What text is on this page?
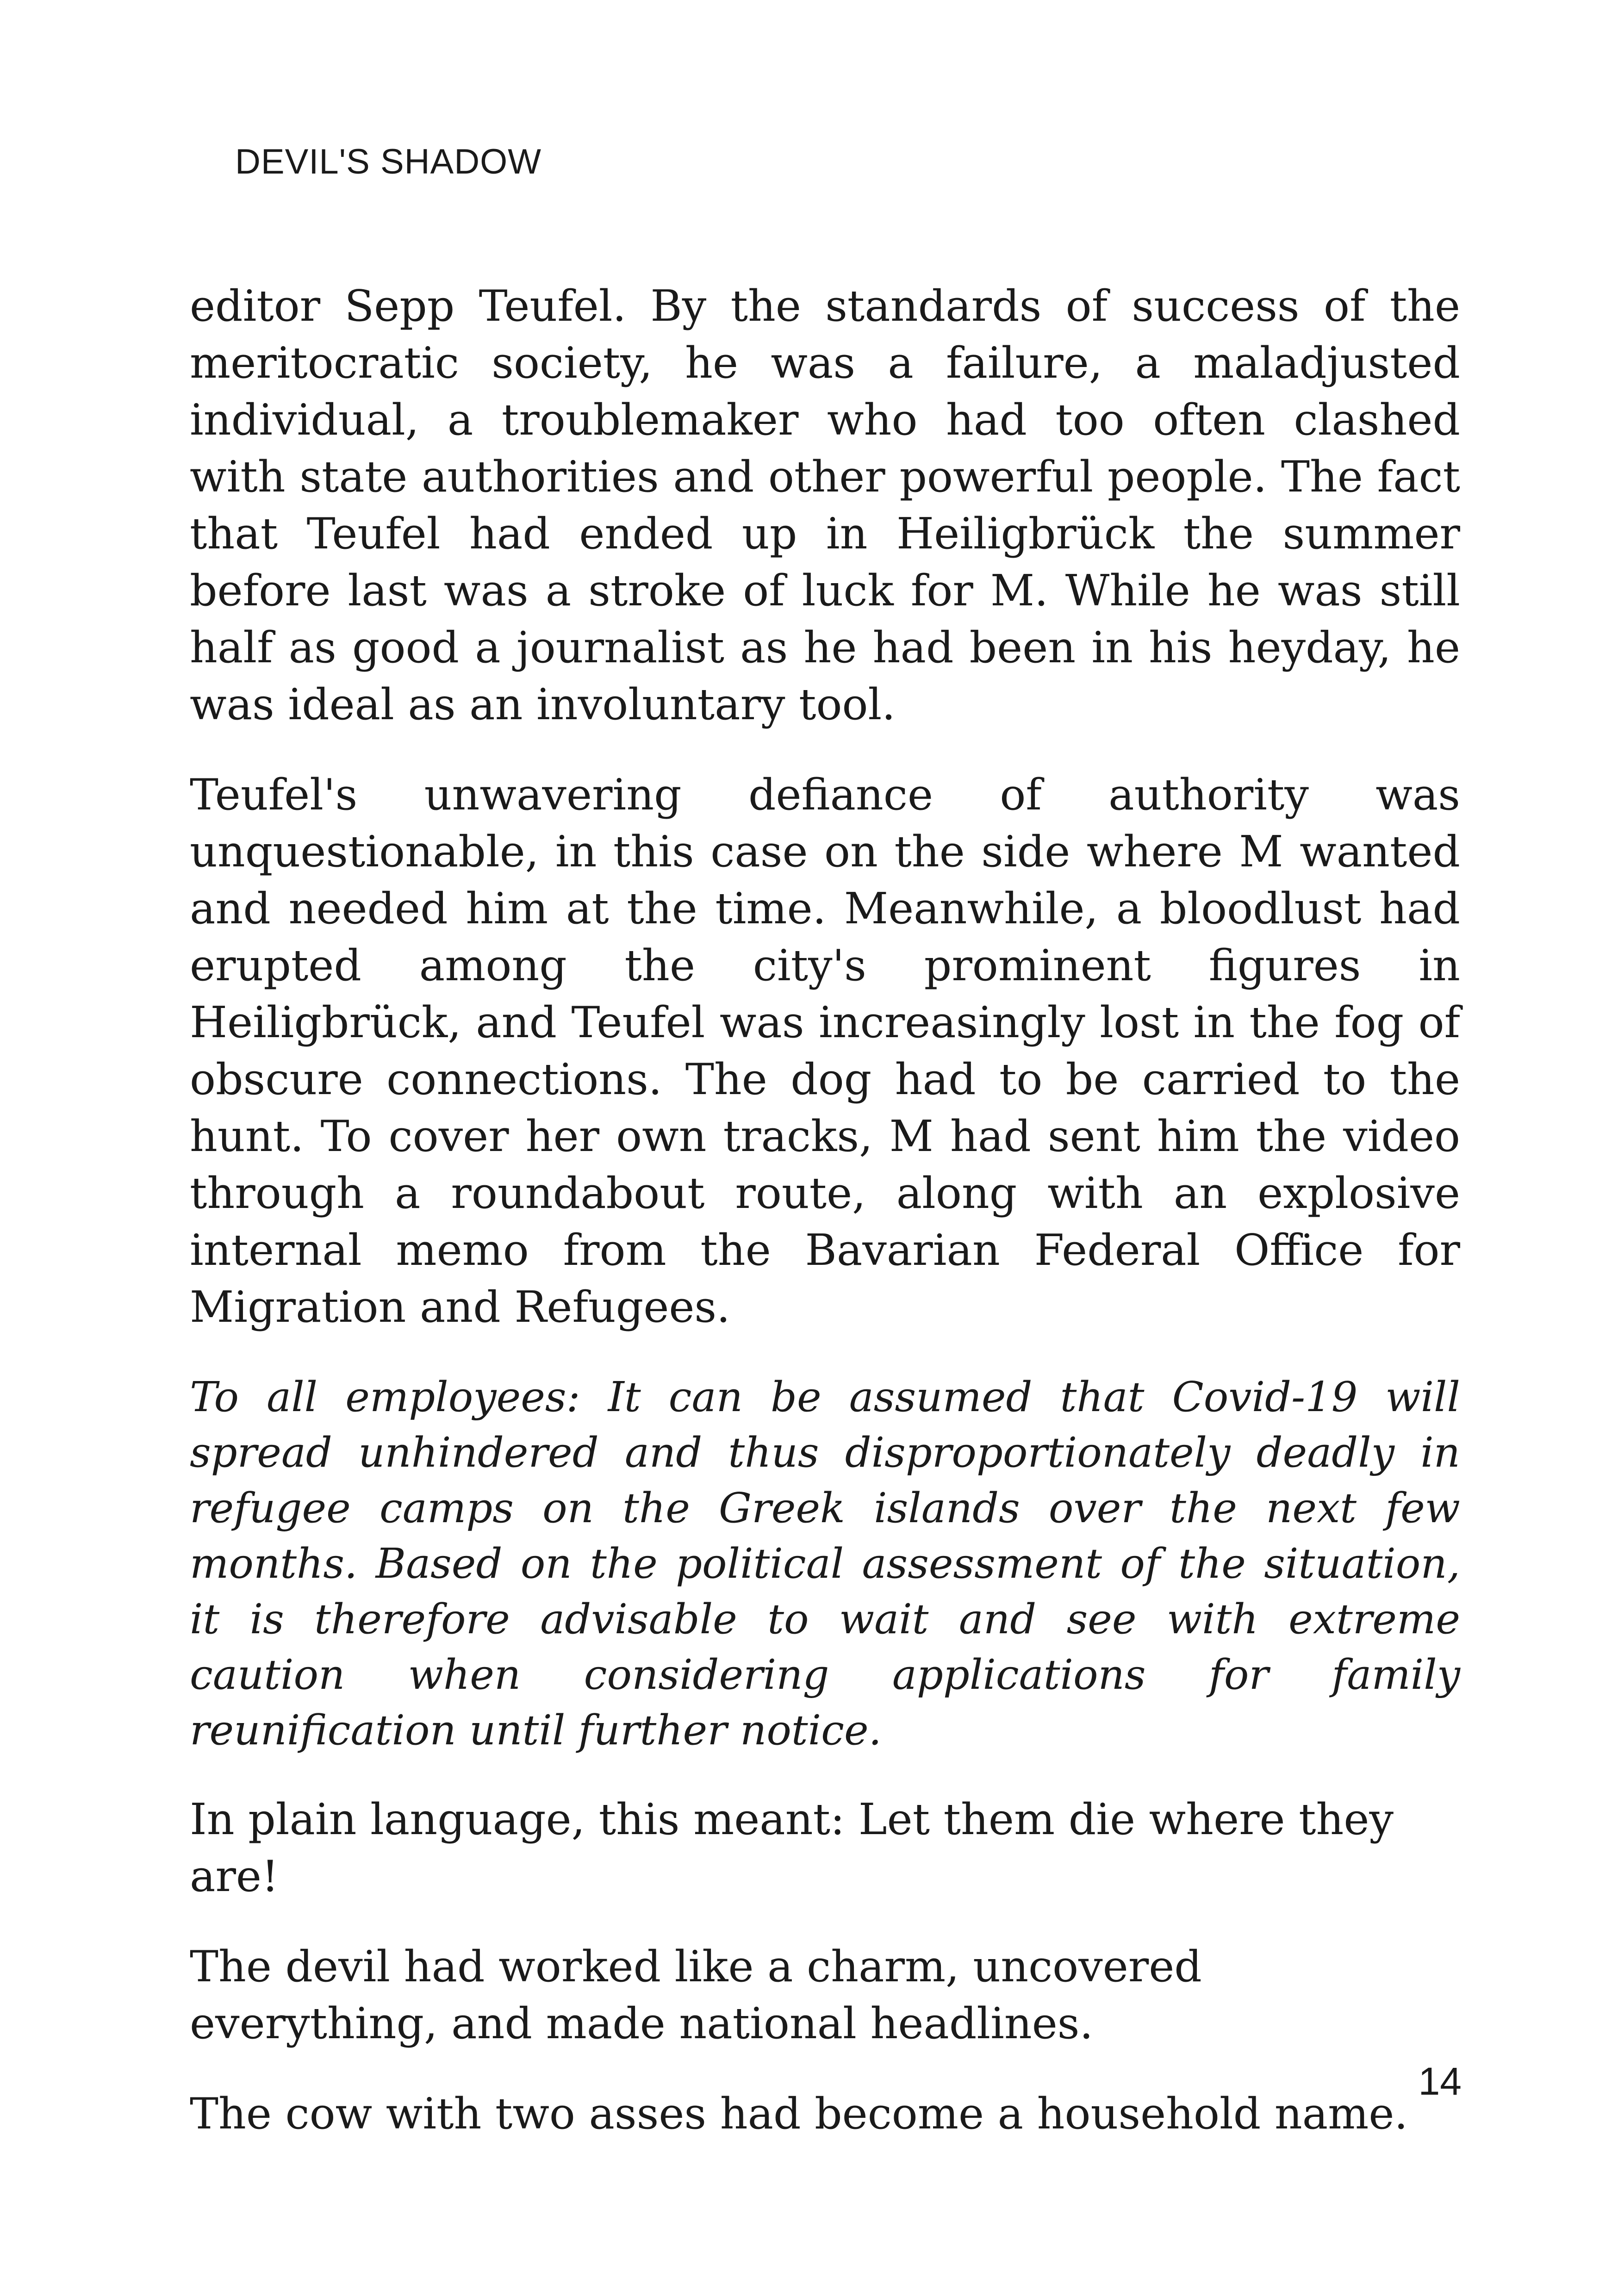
DEVIL'S SHADOW

editor Sepp Teufel. By the standards of success of the meritocratic society, he was a failure, a maladjusted individual, a troublemaker who had too often clashed with state authorities and other powerful people. The fact that Teufel had ended up in Heiligbrück the summer before last was a stroke of luck for M. While he was still half as good a journalist as he had been in his heyday, he was ideal as an involuntary tool.

Teufel's unwavering defiance of authority was unquestionable, in this case on the side where M wanted and needed him at the time. Meanwhile, a bloodlust had erupted among the city's prominent figures in Heiligbrück, and Teufel was increasingly lost in the fog of obscure connections. The dog had to be carried to the hunt. To cover her own tracks, M had sent him the video through a roundabout route, along with an explosive internal memo from the Bavarian Federal Office for Migration and Refugees.

To all employees: It can be assumed that Covid-19 will spread unhindered and thus disproportionately deadly in refugee camps on the Greek islands over the next few months. Based on the political assessment of the situation, it is therefore advisable to wait and see with extreme caution when considering applications for family reunification until further notice.

In plain language, this meant: Let them die where they are!

The devil had worked like a charm, uncovered everything, and made national headlines.

The cow with two asses had become a household name.

14
